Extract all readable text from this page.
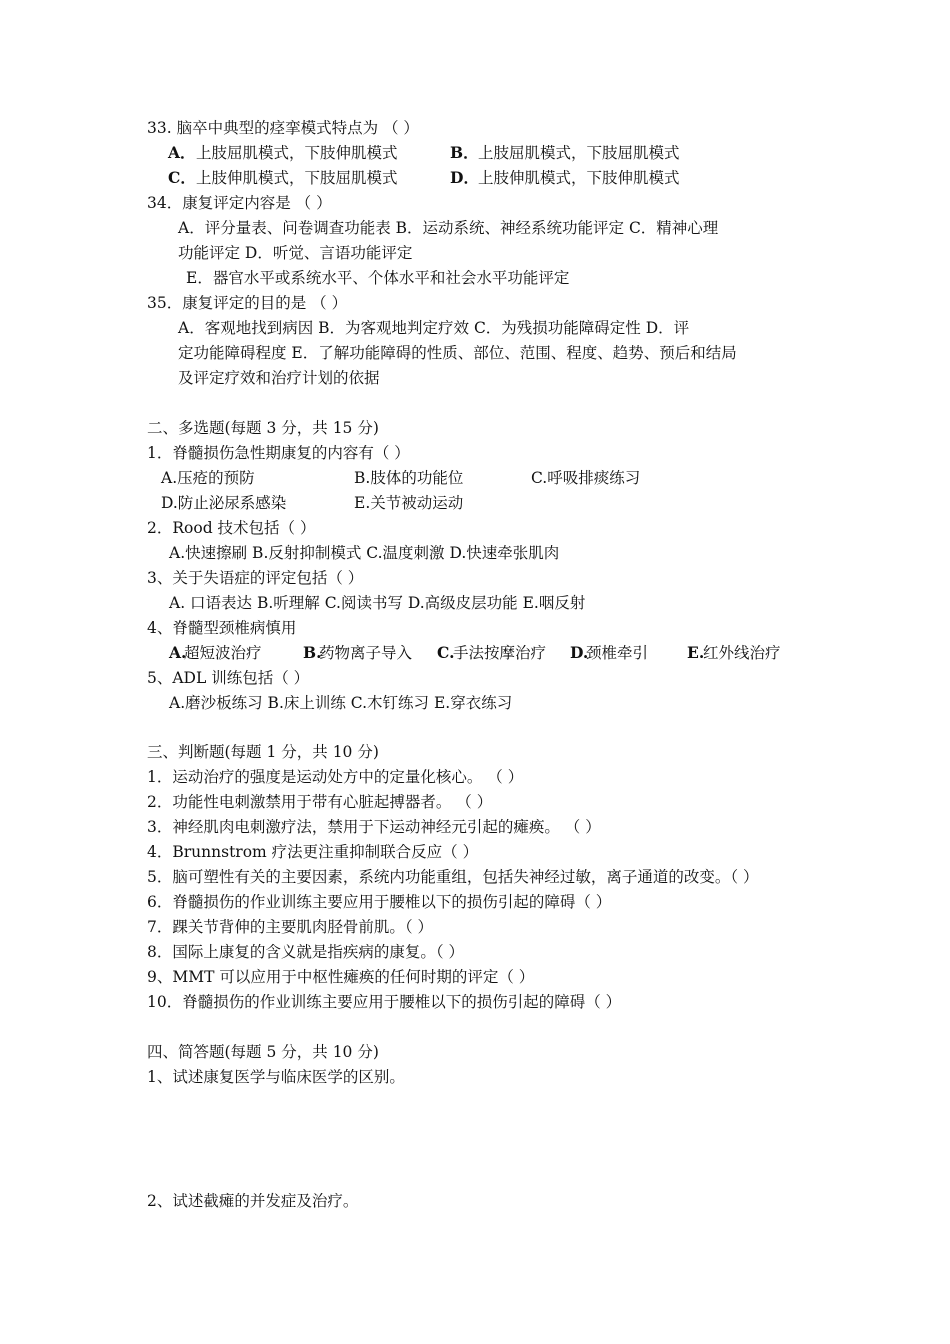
33. 脑卒中典型的痉挛模式特点为 （ ）
A． 上肢屈肌模式，下肢伸肌模式	B． 上肢屈肌模式，下肢屈肌模式
C． 上肢伸肌模式，下肢屈肌模式	D． 上肢伸肌模式，下肢伸肌模式
34．康复评定内容是 （ ）
A．评分量表、问卷调查功能表 B．运动系统、神经系统功能评定 C．精神心理
功能评定 D．听觉、言语功能评定
E．器官水平或系统水平、个体水平和社会水平功能评定
35．康复评定的目的是 （ ）
A．客观地找到病因 B．为客观地判定疗效 C．为残损功能障碍定性 D．评
定功能障碍程度 E．了解功能障碍的性质、部位、范围、程度、趋势、预后和结局
及评定疗效和治疗计划的依据
二、多选题(每题 3 分，共 15 分)
1．脊髓损伤急性期康复的内容有（ ）
A.压疮的预防	B.肢体的功能位	C.呼吸排痰练习
D.防止泌尿系感染	E.关节被动运动
2．Rood 技术包括（ ）
A.快速擦刷 B.反射抑制模式 C.温度刺激 D.快速牵张肌肉
3、关于失语症的评定包括（ ）
A. 口语表达 B.听理解 C.阅读书写 D.高级皮层功能 E.咽反射
4、脊髓型颈椎病慎用
A.
超短波治疗	B.
药物离子导入 C.
手法按摩治疗 D.
颈椎牵引	E.
红外线治疗
5、ADL 训练包括（ ）
A.磨沙板练习 B.床上训练 C.木钉练习 E.穿衣练习
三、判断题(每题 1 分，共 10 分)
1．运动治疗的强度是运动处方中的定量化核心。 （ ）
2．功能性电刺激禁用于带有心脏起搏器者。 （ ）
3．神经肌肉电刺激疗法，禁用于下运动神经元引起的瘫痪。 （ ）
4．Brunnstrom 疗法更注重抑制联合反应（ ）
5．脑可塑性有关的主要因素，系统内功能重组，包括失神经过敏，离子通道的改变。（ ）
6．脊髓损伤的作业训练主要应用于腰椎以下的损伤引起的障碍（ ）
7．踝关节背伸的主要肌肉胫骨前肌。（ ）
8．国际上康复的含义就是指疾病的康复。（ ）
9、MMT 可以应用于中枢性瘫痪的任何时期的评定（ ）
10．脊髓损伤的作业训练主要应用于腰椎以下的损伤引起的障碍（ ）
四、简答题(每题 5 分，共 10 分)
1、试述康复医学与临床医学的区别。
2、试述截瘫的并发症及治疗。
